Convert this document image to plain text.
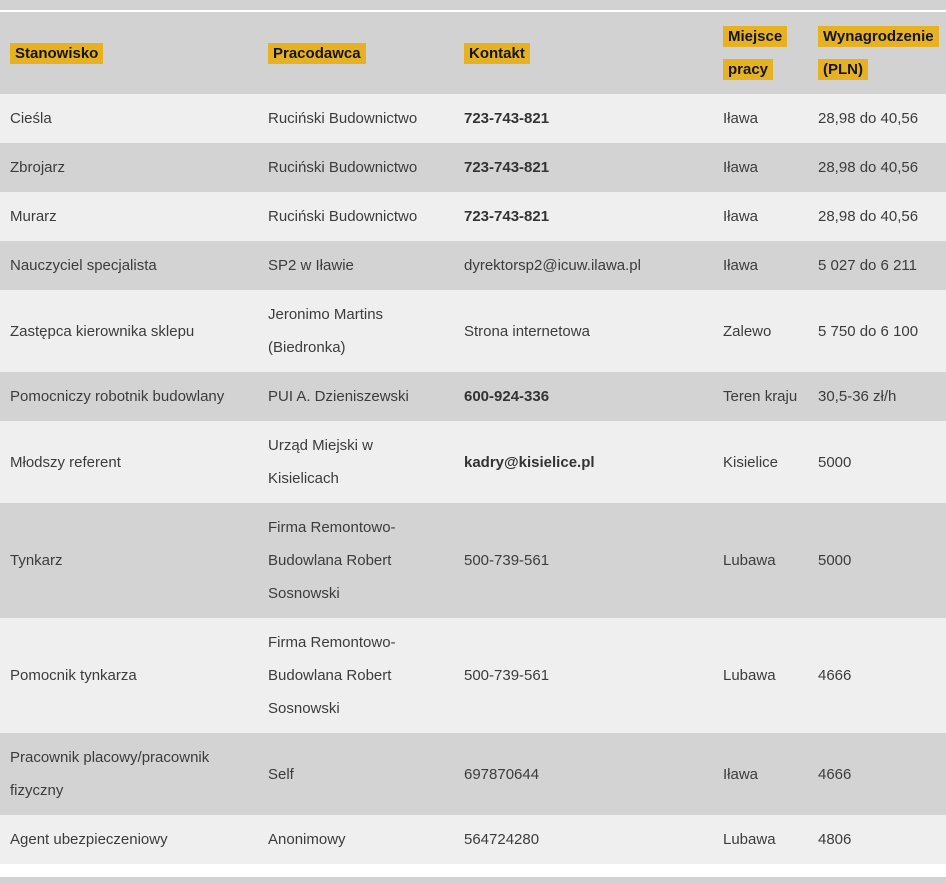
Stanowisko	Pracodawca	Kontakt	Miejsce pracy	Wynagrodzenie (PLN)
Cieśla	Ruciński Budownictwo	723-743-821	Iława	28,98 do 40,56
Zbrojarz	Ruciński Budownictwo	723-743-821	Iława	28,98 do 40,56
Murarz	Ruciński Budownictwo	723-743-821	Iława	28,98 do 40,56
Nauczyciel specjalista	SP2 w Iławie	dyrektorsp2@icuw.ilawa.pl	Iława	5 027 do 6 211
Zastępca kierownika sklepu	Jeronimo Martins (Biedronka)	Strona internetowa	Zalewo	5 750 do 6 100
Pomocniczy robotnik budowlany	PUI A. Dzieniszewski	600-924-336	Teren kraju	30,5-36 zł/h
Młodszy referent	Urząd Miejski w Kisielicach	kadry@kisielice.pl	Kisielice	5000
Tynkarz	Firma Remontowo-Budowlana Robert Sosnowski	500-739-561	Lubawa	5000
Pomocnik tynkarza	Firma Remontowo-Budowlana Robert Sosnowski	500-739-561	Lubawa	4666
Pracownik placowy/pracownik fizyczny	Self	697870644	Iława	4666
Agent ubezpieczeniowy	Anonimowy	564724280	Lubawa	4806
